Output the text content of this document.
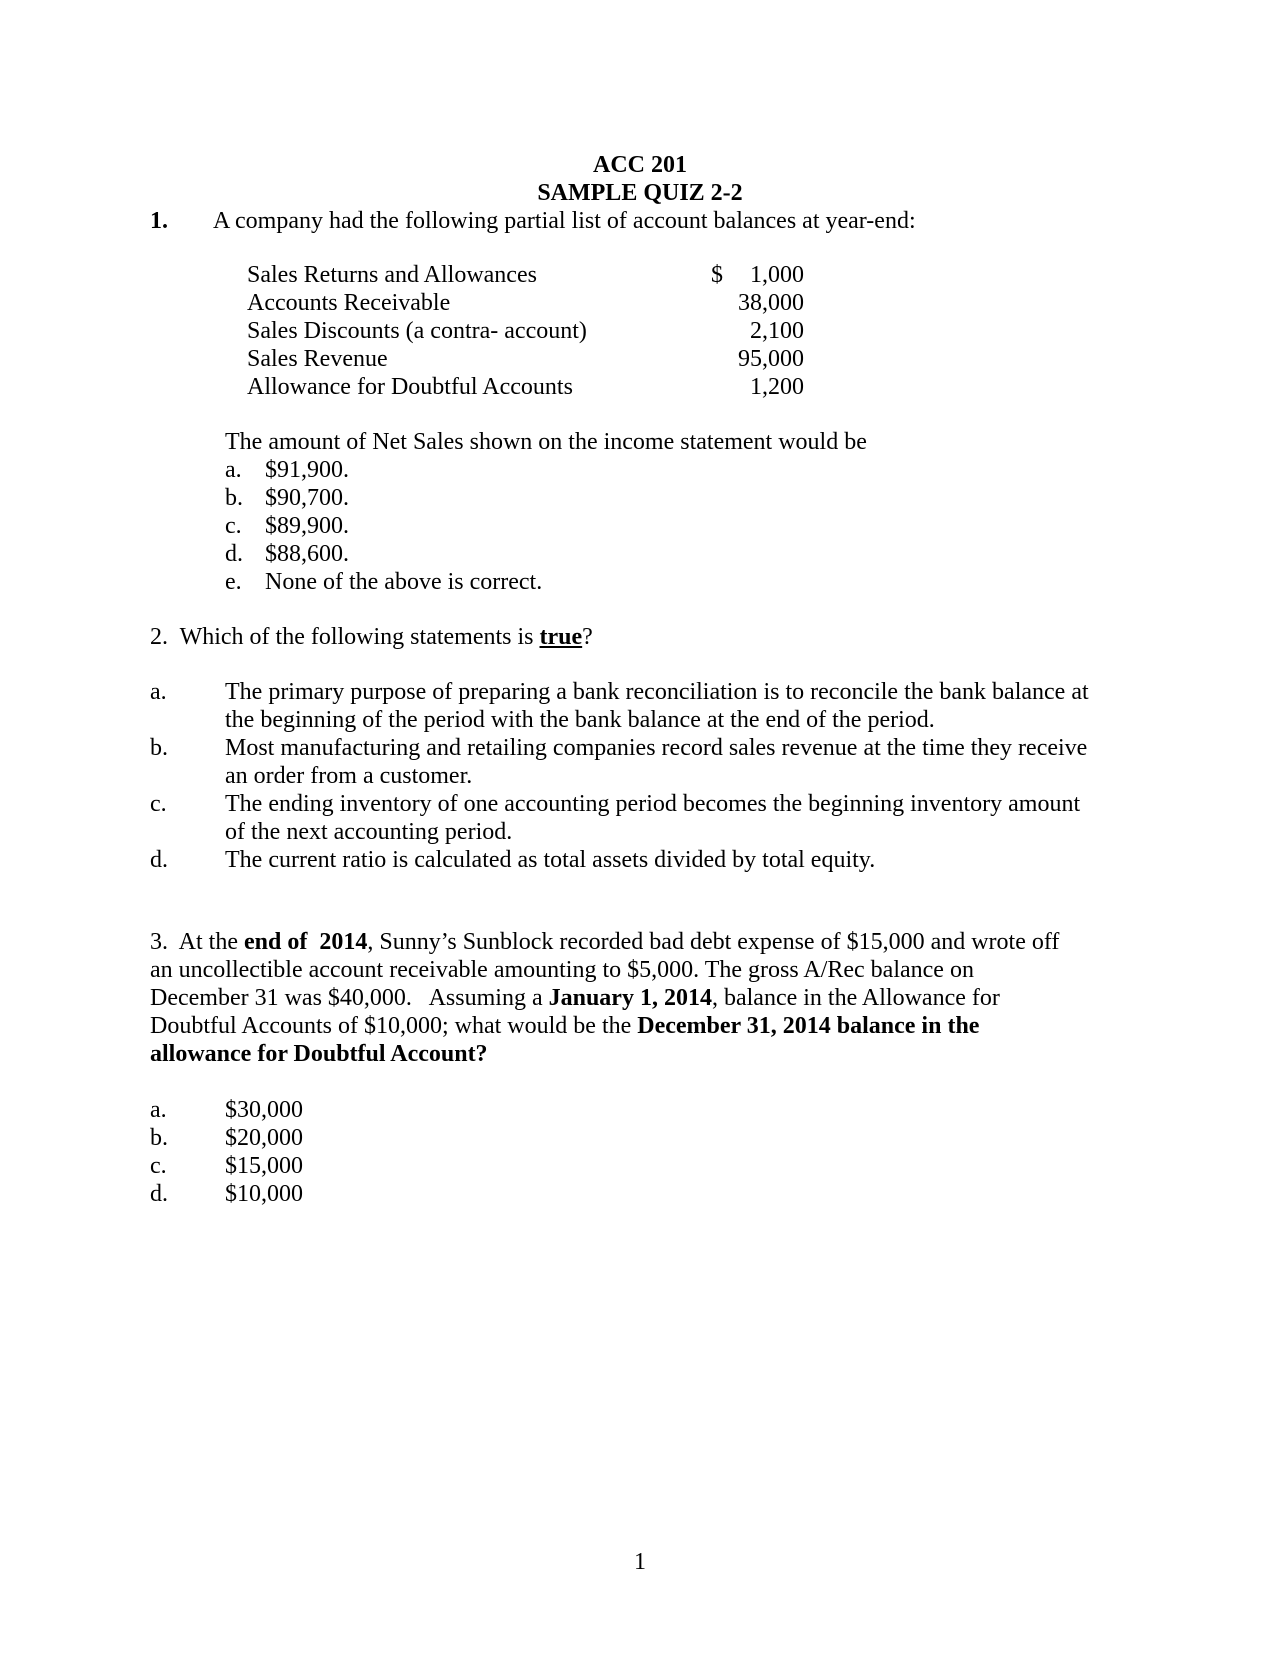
ACC 201
SAMPLE QUIZ 2-2
1. A company had the following partial list of account balances at year-end:
Sales Returns and Allowances	$	1,000
Accounts Receivable	38,000
Sales Discounts (a contra- account)	2,100
Sales Revenue	95,000
Allowance for Doubtful Accounts	1,200
The amount of Net Sales shown on the income statement would be
a. $91,900.
b. $90,700.
c. $89,900.
d. $88,600.
e. None of the above is correct.
2.  Which of the following statements is true?
a. The primary purpose of preparing a bank reconciliation is to reconcile the bank balance at
the beginning of the period with the bank balance at the end of the period.
b. Most manufacturing and retailing companies record sales revenue at the time they receive
an order from a customer.
c. The ending inventory of one accounting period becomes the beginning inventory amount
of the next accounting period.
d. The current ratio is calculated as total assets divided by total equity.
3.  At the end of  2014, Sunny’s Sunblock recorded bad debt expense of $15,000 and wrote off
an uncollectible account receivable amounting to $5,000. The gross A/Rec balance on
December 31 was $40,000.   Assuming a January 1, 2014, balance in the Allowance for
Doubtful Accounts of $10,000; what would be the December 31, 2014 balance in the
allowance for Doubtful Account?
a. $30,000
b. $20,000
c. $15,000
d. $10,000
1
